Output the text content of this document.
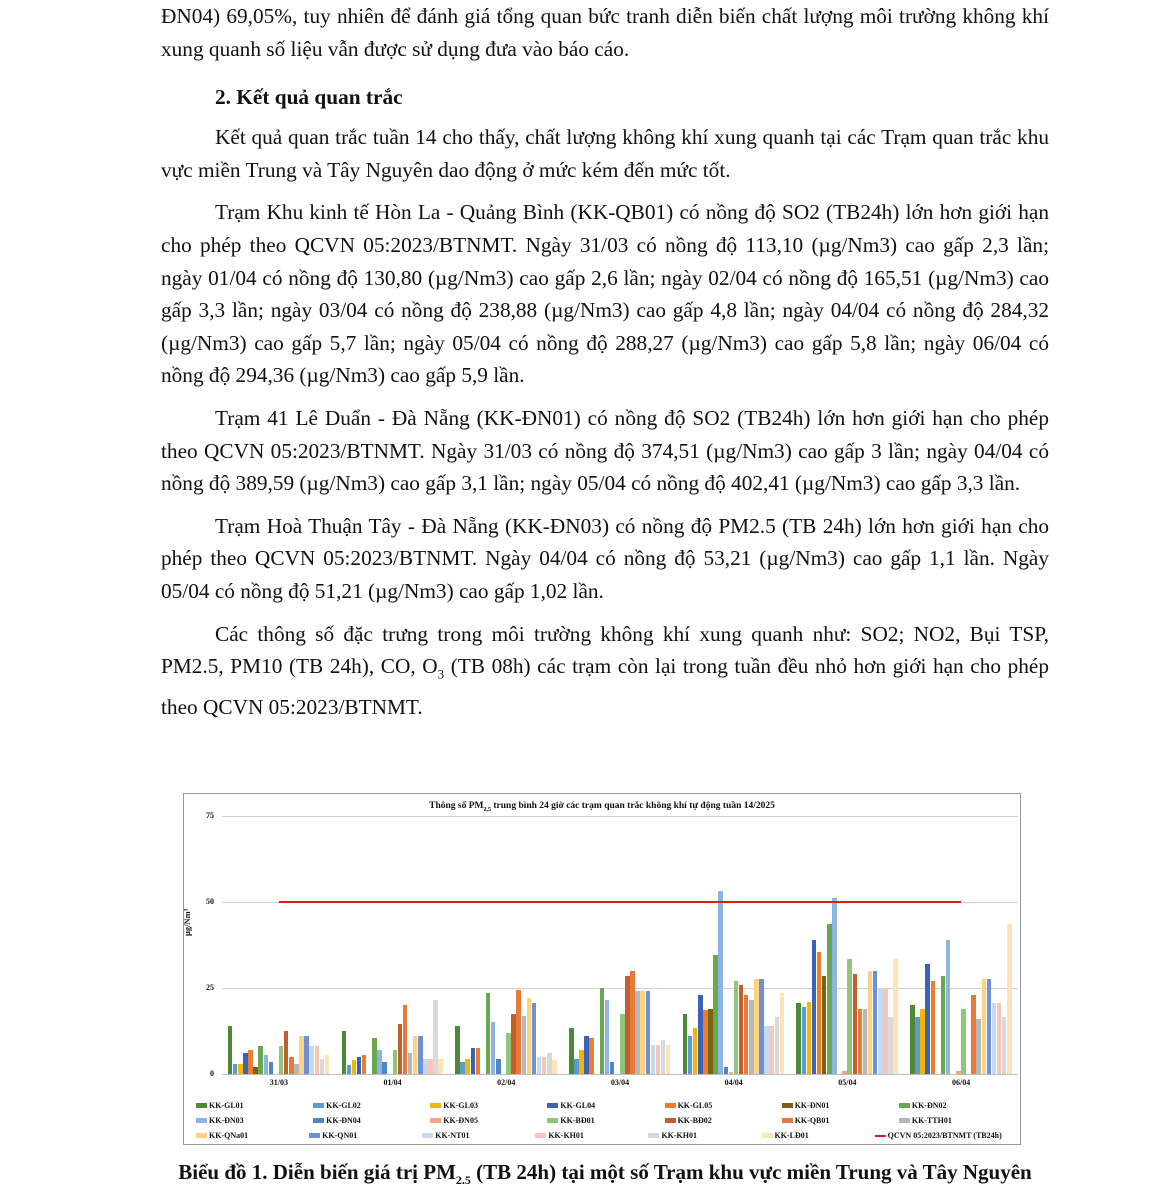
ĐN04) 69,05%, tuy nhiên để đánh giá tổng quan bức tranh diễn biến chất lượng môi trường không khí xung quanh số liệu vẫn được sử dụng đưa vào báo cáo.

2. Kết quả quan trắc

Kết quả quan trắc tuần 14 cho thấy, chất lượng không khí xung quanh tại các Trạm quan trắc khu vực miền Trung và Tây Nguyên dao động ở mức kém đến mức tốt.

Trạm Khu kinh tế Hòn La - Quảng Bình (KK-QB01) có nồng độ SO2 (TB24h) lớn hơn giới hạn cho phép theo QCVN 05:2023/BTNMT. Ngày 31/03 có nồng độ 113,10 (µg/Nm3) cao gấp 2,3 lần; ngày 01/04 có nồng độ 130,80 (µg/Nm3) cao gấp 2,6 lần; ngày 02/04 có nồng độ 165,51 (µg/Nm3) cao gấp 3,3 lần; ngày 03/04 có nồng độ 238,88 (µg/Nm3) cao gấp 4,8 lần; ngày 04/04 có nồng độ 284,32 (µg/Nm3) cao gấp 5,7 lần; ngày 05/04 có nồng độ 288,27 (µg/Nm3) cao gấp 5,8 lần; ngày 06/04 có nồng độ 294,36 (µg/Nm3) cao gấp 5,9 lần.

Trạm 41 Lê Duẩn - Đà Nẵng (KK-ĐN01) có nồng độ SO2 (TB24h) lớn hơn giới hạn cho phép theo QCVN 05:2023/BTNMT. Ngày 31/03 có nồng độ 374,51 (µg/Nm3) cao gấp 3 lần; ngày 04/04 có nồng độ 389,59 (µg/Nm3) cao gấp 3,1 lần; ngày 05/04 có nồng độ 402,41 (µg/Nm3) cao gấp 3,3 lần.

Trạm Hoà Thuận Tây - Đà Nẵng (KK-ĐN03) có nồng độ PM2.5 (TB 24h) lớn hơn giới hạn cho phép theo QCVN 05:2023/BTNMT. Ngày 04/04 có nồng độ 53,21 (µg/Nm3) cao gấp 1,1 lần. Ngày 05/04 có nồng độ 51,21 (µg/Nm3) cao gấp 1,02 lần.

Các thông số đặc trưng trong môi trường không khí xung quanh như: SO2; NO2, Bụi TSP, PM2.5, PM10 (TB 24h), CO, $O_3$ (TB 08h) các trạm còn lại trong tuần đều nhỏ hơn giới hạn cho phép theo QCVN 05:2023/BTNMT.

Thông số $PM_{2,5}$ trung bình 24 giờ các trạm quan trắc không khí tự động tuần 14/2025
µg/Nm³
0
25
50
75
31/03	01/04	02/04	03/04	04/04	05/04	06/04
KK-GL01	KK-GL02	KK-GL03	KK-GL04	KK-GL05	KK-ĐN01	KK-ĐN02
KK-ĐN03	KK-ĐN04	KK-ĐN05	KK-BĐ01	KK-BĐ02	KK-QB01	KK-TTH01
KK-QNa01	KK-QN01	KK-NT01	KK-KH01	KK-KH01	KK-LĐ01	QCVN 05:2023/BTNMT (TB24h)
Biểu đồ 1. Diễn biến giá trị $PM_{2.5}$ (TB 24h) tại một số Trạm khu vực miền Trung và Tây Nguyên
